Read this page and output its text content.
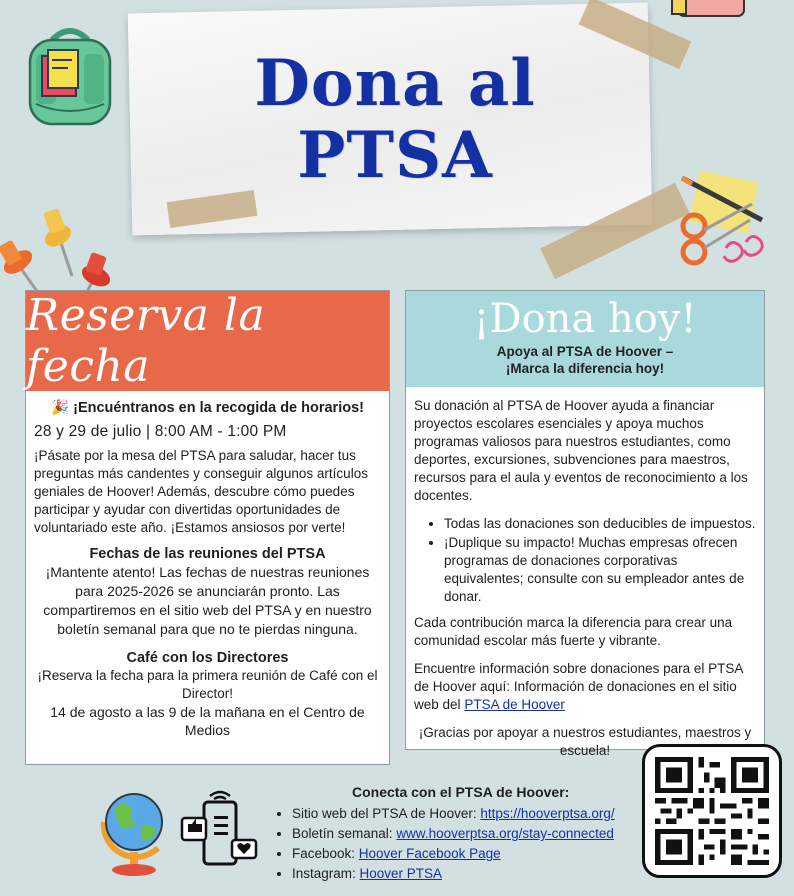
Dona al
PTSA
Reserva la fecha
🎉 ¡Encuéntranos en la recogida de horarios!
28 y 29 de julio | 8:00 AM - 1:00 PM
¡Pásate por la mesa del PTSA para saludar, hacer tus preguntas más candentes y conseguir algunos artículos geniales de Hoover! Además, descubre cómo puedes participar y ayudar con divertidas oportunidades de voluntariado este año. ¡Estamos ansiosos por verte!
Fechas de las reuniones del PTSA
¡Mantente atento! Las fechas de nuestras reuniones para 2025-2026 se anunciarán pronto. Las compartiremos en el sitio web del PTSA y en nuestro boletín semanal para que no te pierdas ninguna.
Café con los Directores
¡Reserva la fecha para la primera reunión de Café con el Director!
14 de agosto a las 9 de la mañana en el Centro de Medios
¡Dona hoy!
Apoya al PTSA de Hoover –
¡Marca la diferencia hoy!

Su donación al PTSA de Hoover ayuda a financiar proyectos escolares esenciales y apoya muchos programas valiosos para nuestros estudiantes, como deportes, excursiones, subvenciones para maestros, recursos para el aula y eventos de reconocimiento a los docentes.

• Todas las donaciones son deducibles de impuestos.
• ¡Duplique su impacto! Muchas empresas ofrecen programas de donaciones corporativas equivalentes; consulte con su empleador antes de donar.

Cada contribución marca la diferencia para crear una comunidad escolar más fuerte y vibrante.

Encuentre información sobre donaciones para el PTSA de Hoover aquí: Información de donaciones en el sitio web del PTSA de Hoover

¡Gracias por apoyar a nuestros estudiantes, maestros y escuela!

Conecta con el PTSA de Hoover:
• Sitio web del PTSA de Hoover: https://hooverptsa.org/
• Boletín semanal: www.hooverptsa.org/stay-connected
• Facebook: Hoover Facebook Page
• Instagram: Hoover PTSA
